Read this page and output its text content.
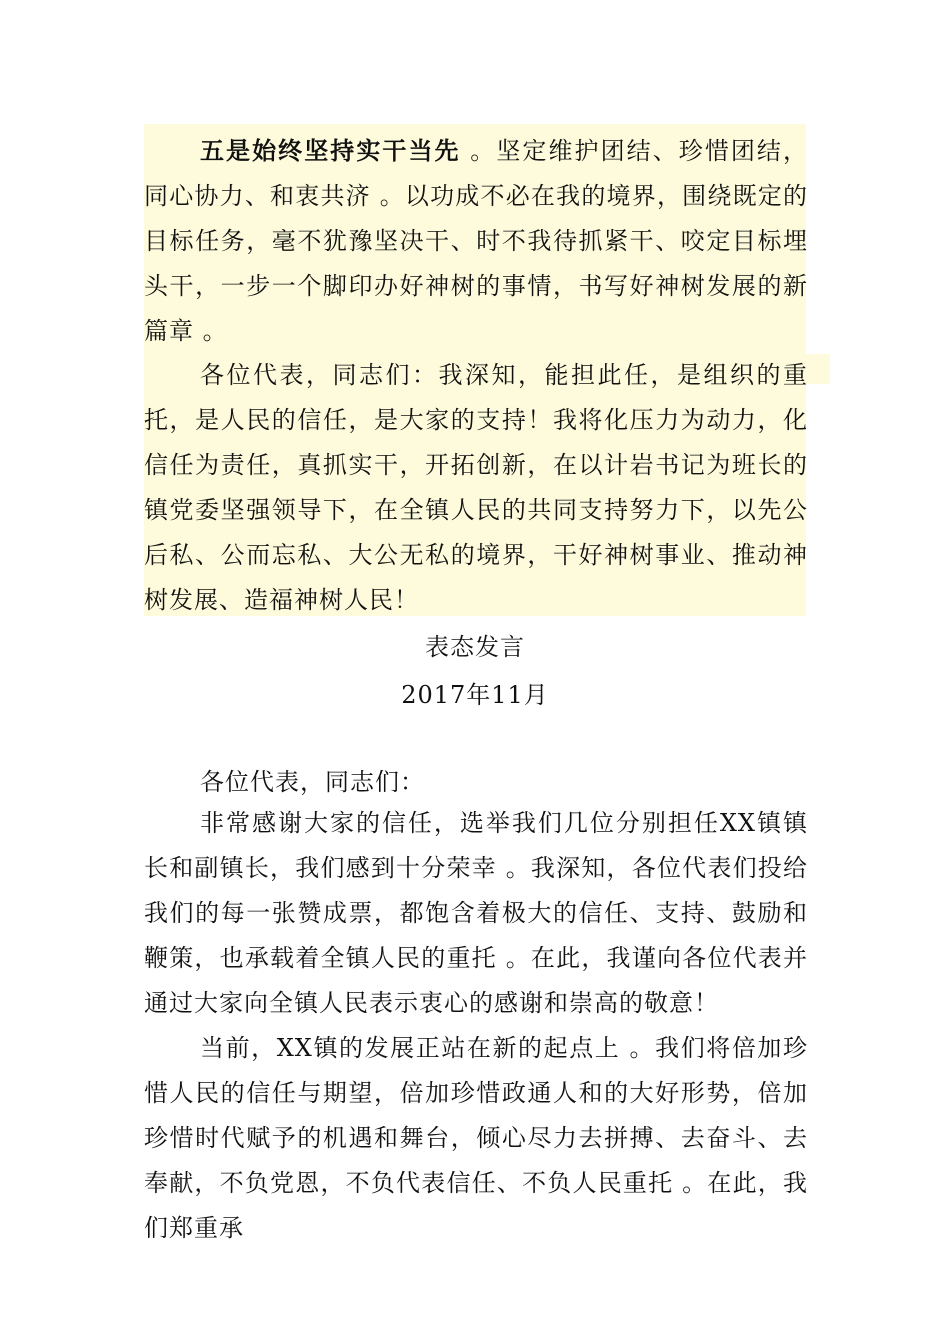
五是始终坚持实干当先 。坚定维护团结、珍惜团结，同心协力、和衷共济 。以功成不必在我的境界，围绕既定的目标任务，毫不犹豫坚决干、时不我待抓紧干、咬定目标埋头干，一步一个脚印办好神树的事情，书写好神树发展的新篇章 。

各位代表，同志们：我深知，能担此任，是组织的重托，是人民的信任，是大家的支持！我将化压力为动力，化信任为责任，真抓实干，开拓创新，在以计岩书记为班长的镇党委坚强领导下，在全镇人民的共同支持努力下，以先公后私、公而忘私、大公无私的境界，干好神树事业、推动神树发展、造福神树人民！

表态发言

2017年11月

各位代表，同志们：

非常感谢大家的信任，选举我们几位分别担任XX镇镇长和副镇长，我们感到十分荣幸 。我深知，各位代表们投给我们的每一张赞成票，都饱含着极大的信任、支持、鼓励和鞭策，也承载着全镇人民的重托 。在此，我谨向各位代表并通过大家向全镇人民表示衷心的感谢和崇高的敬意！

当前，XX镇的发展正站在新的起点上 。我们将倍加珍惜人民的信任与期望，倍加珍惜政通人和的大好形势，倍加珍惜时代赋予的机遇和舞台，倾心尽力去拼搏、去奋斗、去奉献，不负党恩，不负代表信任、不负人民重托 。在此，我们郑重承
